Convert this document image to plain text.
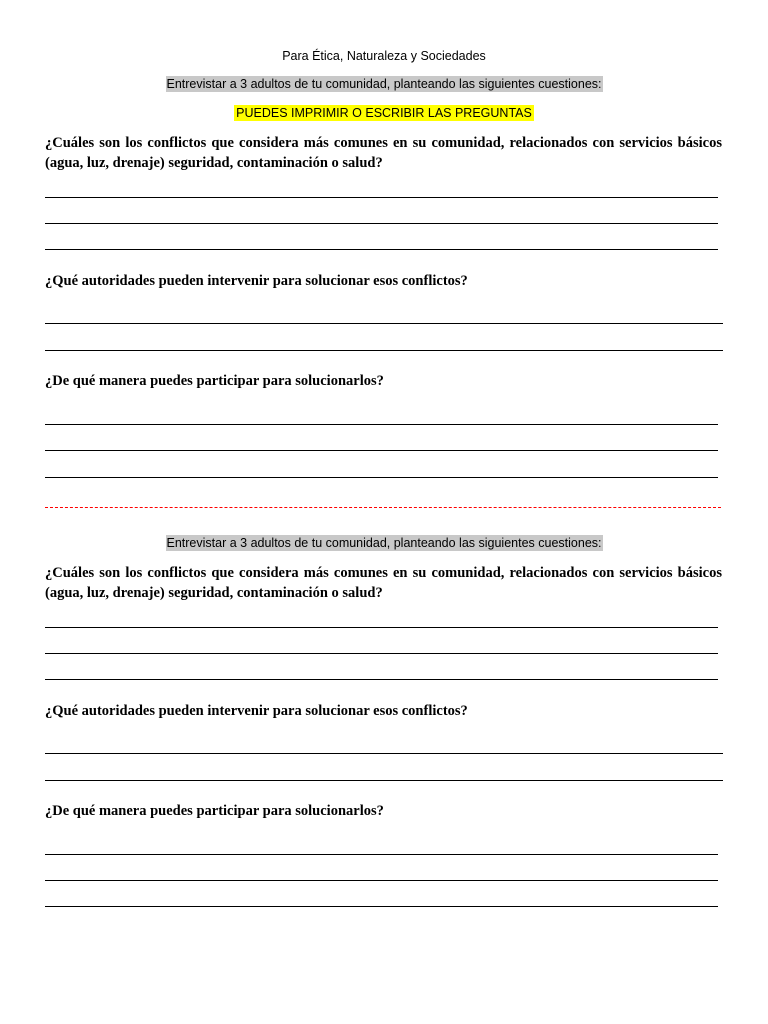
Para Ética, Naturaleza y Sociedades
Entrevistar a 3 adultos de tu comunidad, planteando las siguientes cuestiones:
PUEDES IMPRIMIR O ESCRIBIR LAS PREGUNTAS
¿Cuáles son los conflictos que considera más comunes en su comunidad, relacionados con servicios básicos (agua, luz, drenaje) seguridad, contaminación o salud?
¿Qué autoridades pueden intervenir para solucionar esos conflictos?
¿De qué manera puedes participar para solucionarlos?
Entrevistar a 3 adultos de tu comunidad, planteando las siguientes cuestiones:
¿Cuáles son los conflictos que considera más comunes en su comunidad, relacionados con servicios básicos (agua, luz, drenaje) seguridad, contaminación o salud?
¿Qué autoridades pueden intervenir para solucionar esos conflictos?
¿De qué manera puedes participar para solucionarlos?
